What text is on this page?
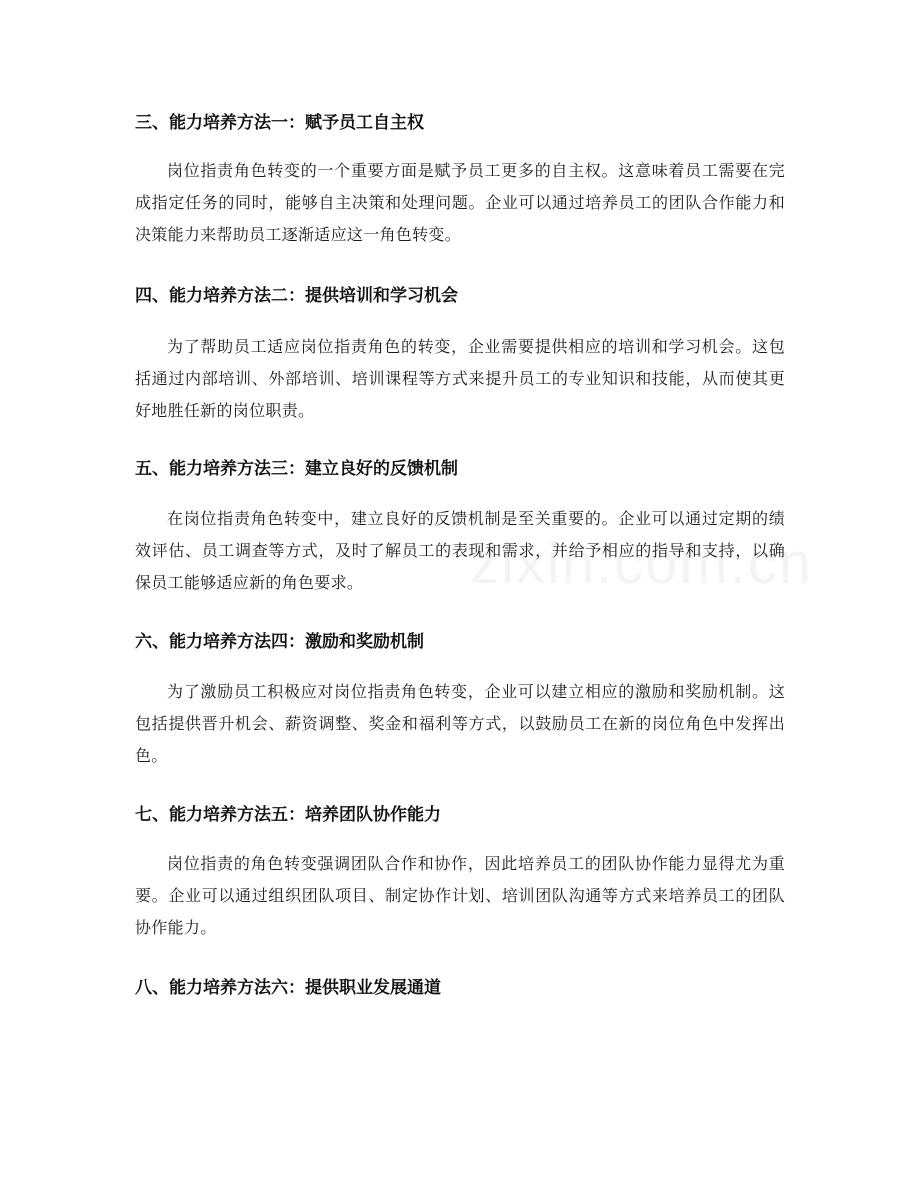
三、能力培养方法一：赋予员工自主权
岗位指责角色转变的一个重要方面是赋予员工更多的自主权。这意味着员工需要在完成指定任务的同时，能够自主决策和处理问题。企业可以通过培养员工的团队合作能力和决策能力来帮助员工逐渐适应这一角色转变。
四、能力培养方法二：提供培训和学习机会
为了帮助员工适应岗位指责角色的转变，企业需要提供相应的培训和学习机会。这包括通过内部培训、外部培训、培训课程等方式来提升员工的专业知识和技能，从而使其更好地胜任新的岗位职责。
五、能力培养方法三：建立良好的反馈机制
在岗位指责角色转变中，建立良好的反馈机制是至关重要的。企业可以通过定期的绩效评估、员工调查等方式，及时了解员工的表现和需求，并给予相应的指导和支持，以确保员工能够适应新的角色要求。
六、能力培养方法四：激励和奖励机制
为了激励员工积极应对岗位指责角色转变，企业可以建立相应的激励和奖励机制。这包括提供晋升机会、薪资调整、奖金和福利等方式，以鼓励员工在新的岗位角色中发挥出色。
七、能力培养方法五：培养团队协作能力
岗位指责的角色转变强调团队合作和协作，因此培养员工的团队协作能力显得尤为重要。企业可以通过组织团队项目、制定协作计划、培训团队沟通等方式来培养员工的团队协作能力。
八、能力培养方法六：提供职业发展通道
